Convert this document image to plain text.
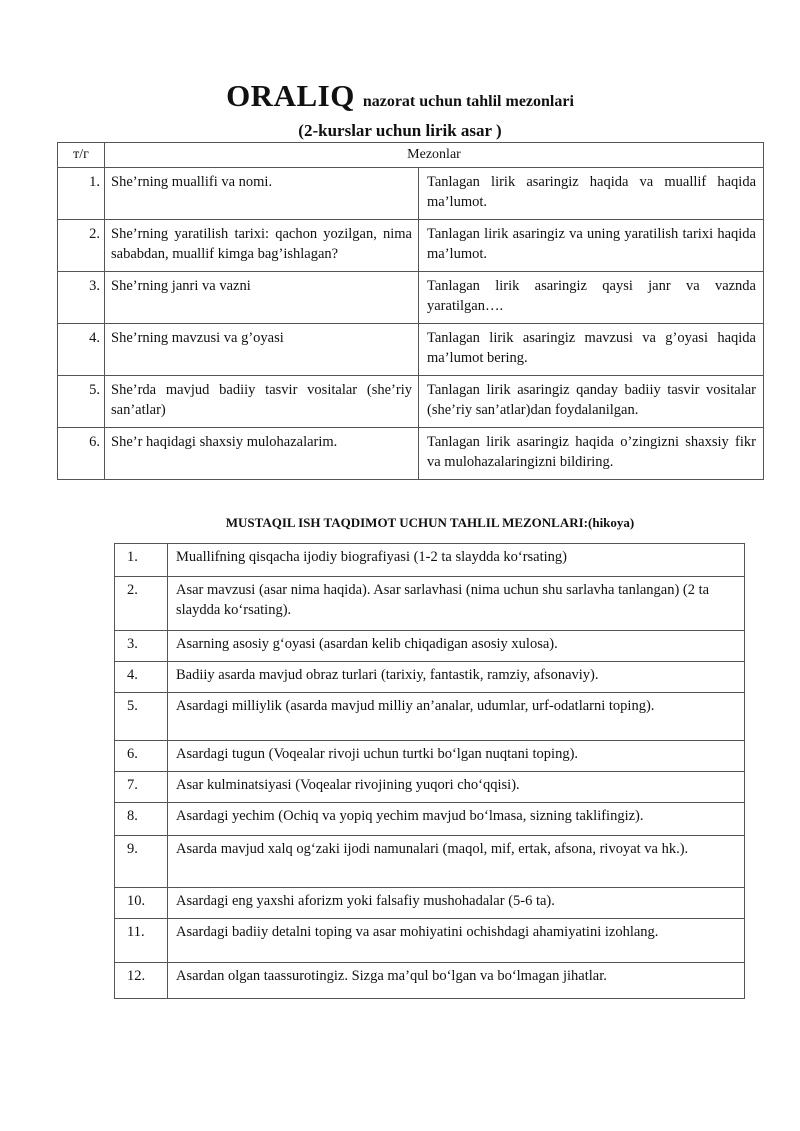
ORALIQ nazorat uchun tahlil mezonlari
(2-kurslar uchun lirik asar )
т/г	Mezonlar	
1.	She’rning muallifi va nomi.	Tanlagan lirik asaringiz haqida va muallif haqida ma’lumot.
2.	She’rning yaratilish tarixi: qachon yozilgan, nima sababdan, muallif kimga bag’ishlagan?	Tanlagan lirik asaringiz va uning yaratilish tarixi haqida ma’lumot.
3.	She’rning janri va vazni	Tanlagan lirik asaringiz qaysi janr va vaznda yaratilgan….
4.	She’rning mavzusi va g’oyasi	Tanlagan lirik asaringiz mavzusi va g’oyasi haqida ma’lumot bering.
5.	She’rda mavjud badiiy tasvir vositalar (she’riy san’atlar)	Tanlagan lirik asaringiz qanday badiiy tasvir vositalar (she’riy san’atlar)dan foydalanilgan.
6.	She’r haqidagi shaxsiy mulohazalarim.	Tanlagan lirik asaringiz haqida o’zingizni shaxsiy fikr va mulohazalaringizni bildiring.
MUSTAQIL ISH TAQDIMOT UCHUN TAHLIL MEZONLARI:(hikoya)
1.	Muallifning qisqacha ijodiy biografiyasi (1-2 ta slaydda ko‘rsating)
2.	Asar mavzusi (asar nima haqida). Asar sarlavhasi (nima uchun shu sarlavha tanlangan) (2 ta slaydda ko‘rsating).
3.	Asarning asosiy g‘oyasi (asardan kelib chiqadigan asosiy xulosa).
4.	Badiiy asarda mavjud obraz turlari (tarixiy, fantastik, ramziy, afsonaviy).
5.	Asardagi milliylik (asarda mavjud milliy an’analar, udumlar, urf-odatlarni toping).
6.	Asardagi tugun (Voqealar rivoji uchun turtki bo‘lgan nuqtani toping).
7.	Asar kulminatsiyasi (Voqealar rivojining yuqori cho‘qqisi).
8.	Asardagi yechim (Ochiq va yopiq yechim mavjud bo‘lmasa, sizning taklifingiz).
9.	Asarda mavjud xalq og‘zaki ijodi namunalari (maqol, mif, ertak, afsona, rivoyat va hk.).
10.	Asardagi eng yaxshi aforizm yoki falsafiy mushohadalar (5-6 ta).
11.	Asardagi badiiy detalni toping va asar mohiyatini ochishdagi ahamiyatini izohlang.
12.	Asardan olgan taassurotingiz. Sizga ma’qul bo‘lgan va bo‘lmagan jihatlar.
